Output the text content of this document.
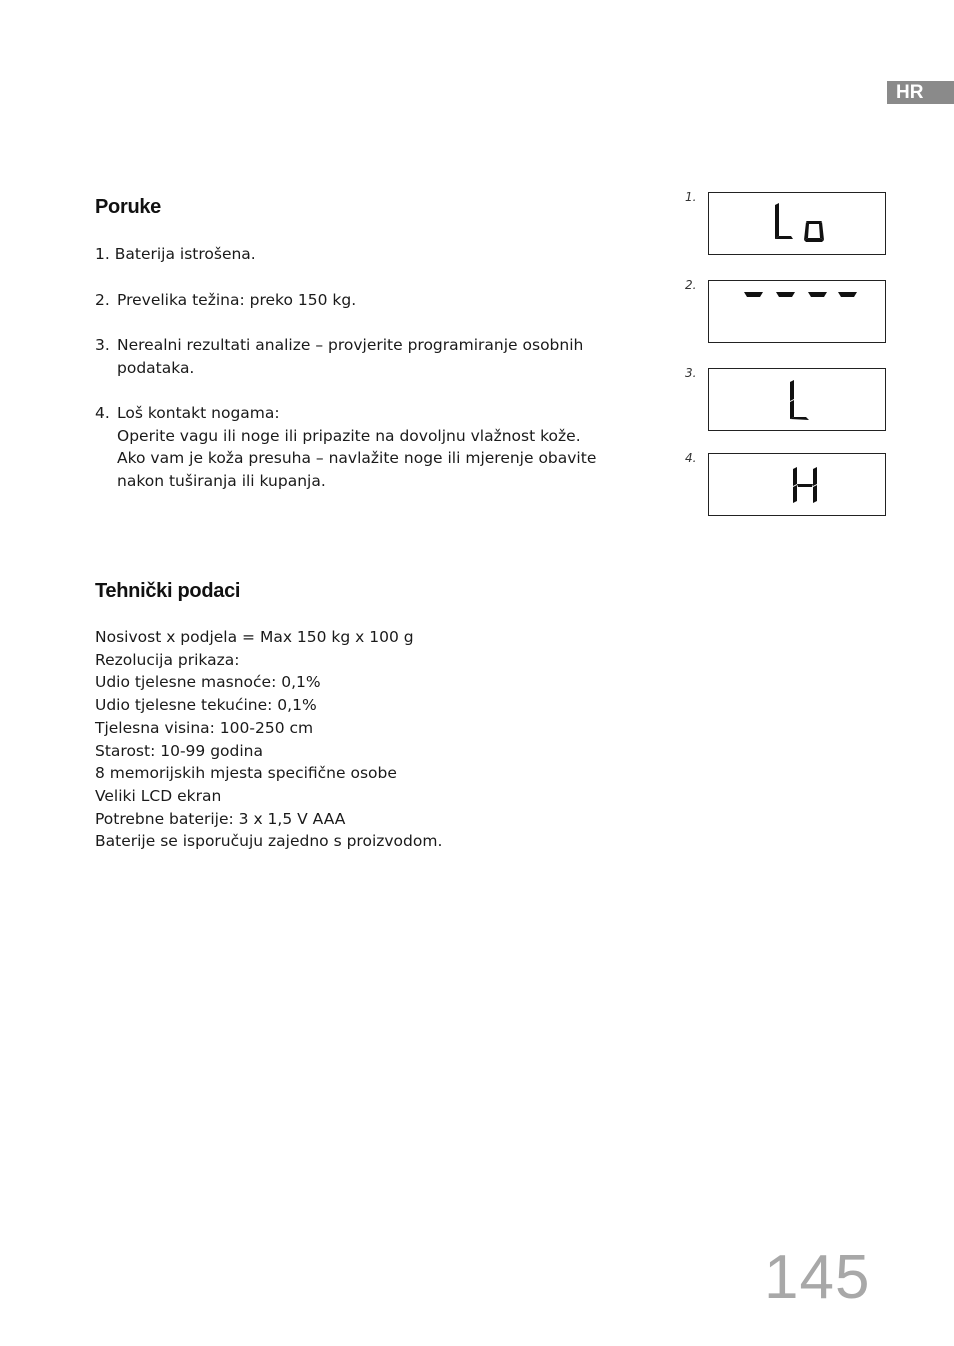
HR
Poruke
1. Baterija istrošena.
2. Prevelika težina: preko 150 kg.
3. Nerealni rezultati analize – provjerite programiranje osobnih podataka.
4. Loš kontakt nogama:
Operite vagu ili noge ili pripazite na dovoljnu vlažnost kože.
Ako vam je koža presuha – navlažite noge ili mjerenje obavite
nakon tuširanja ili kupanja.
1.
2.
3.
4.
Tehnički podaci
Nosivost x podjela = Max 150 kg x 100 g
Rezolucija prikaza:
Udio tjelesne masnoće: 0,1%
Udio tjelesne tekućine: 0,1%
Tjelesna visina: 100-250 cm
Starost: 10-99 godina
8 memorijskih mjesta specifične osobe
Veliki LCD ekran
Potrebne baterije: 3 x 1,5 V AAA
Baterije se isporučuju zajedno s proizvodom.
145
